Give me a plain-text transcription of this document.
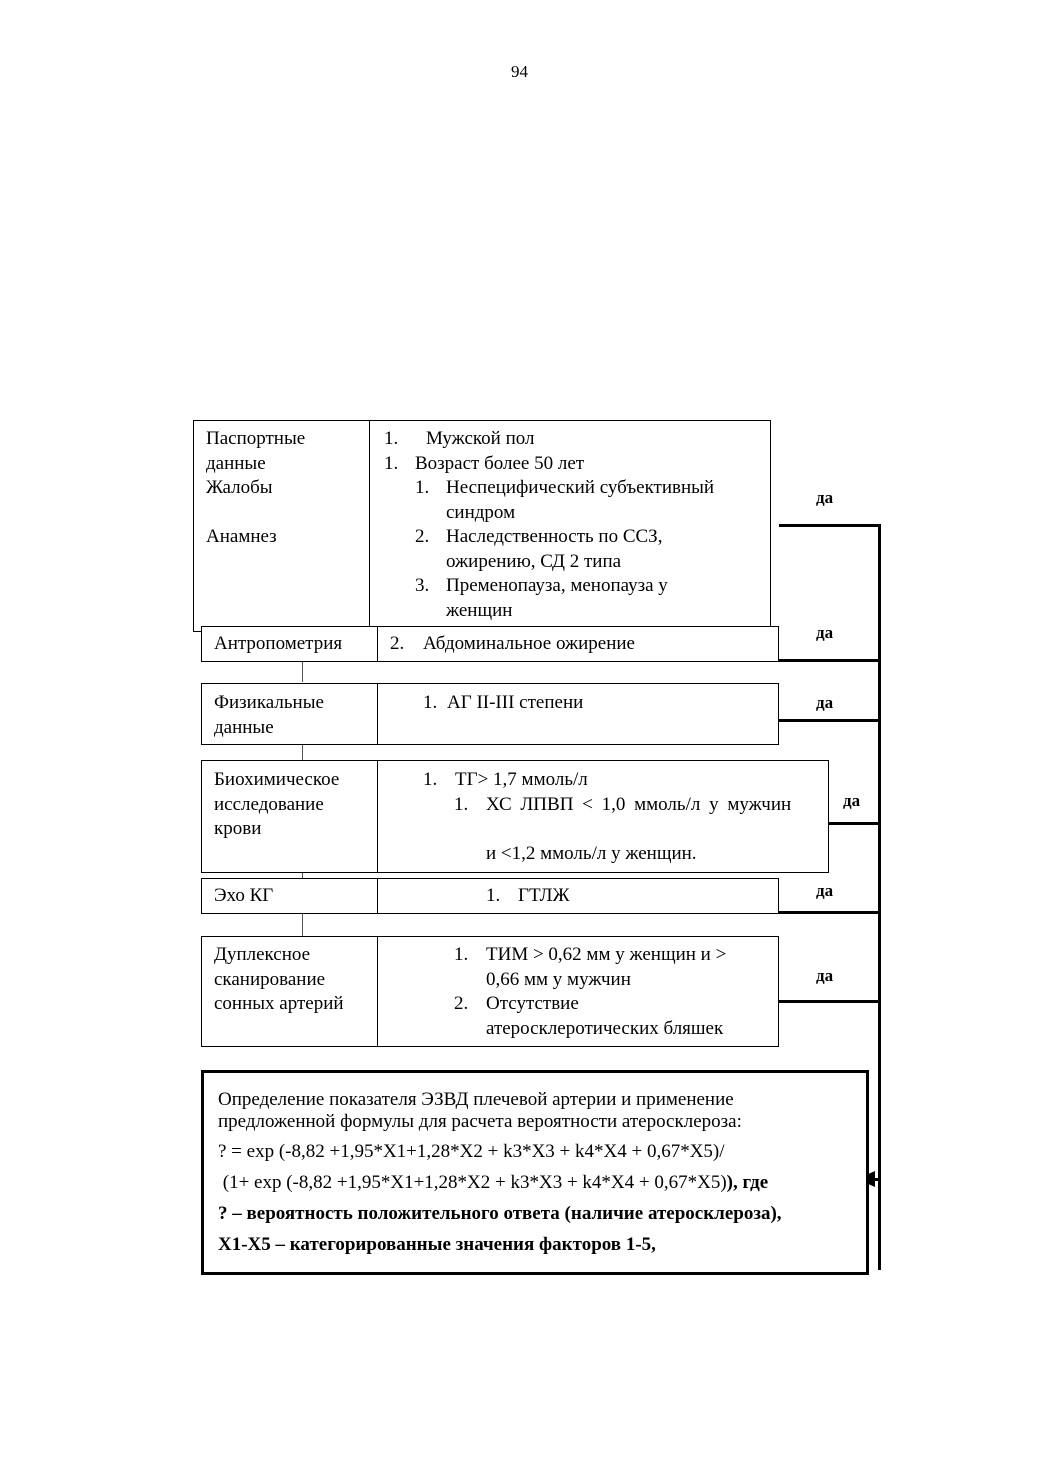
94
Паспортные
данные
Жалобы

Анамнез
1. Мужской пол
1. Возраст более 50 лет
1. Неспецифический субъективный
синдром
2. Наследственность по ССЗ,
ожирению, СД 2 типа
3. Пременопауза, менопауза у
женщин
Антропометрия	2. Абдоминальное ожирение
Физикальные
данные
1. АГ II-III степени
Биохимическое
исследование
крови
1. ТГ> 1,7 ммоль/л
1. ХС ЛПВП < 1,0 ммоль/л у мужчин

и <1,2 ммоль/л у женщин.
Эхо КГ	1. ГТЛЖ
Дуплексное
сканирование
сонных артерий
1. ТИМ > 0,62 мм у женщин и >
0,66 мм у мужчин
2. Отсутствие
атеросклеротических бляшек
да
да
да
да
да
да
Определение показателя ЭЗВД плечевой артерии и применение
предложенной формулы для расчета вероятности атеросклероза:
? = exp (-8,82 +1,95*X1+1,28*X2 + k3*X3 + k4*X4 + 0,67*X5)/
(1+ exp (-8,82 +1,95*X1+1,28*X2 + k3*X3 + k4*X4 + 0,67*X5)), где
? – вероятность положительного ответа (наличие атеросклероза),
X1-X5 – категорированные значения факторов 1-5,
